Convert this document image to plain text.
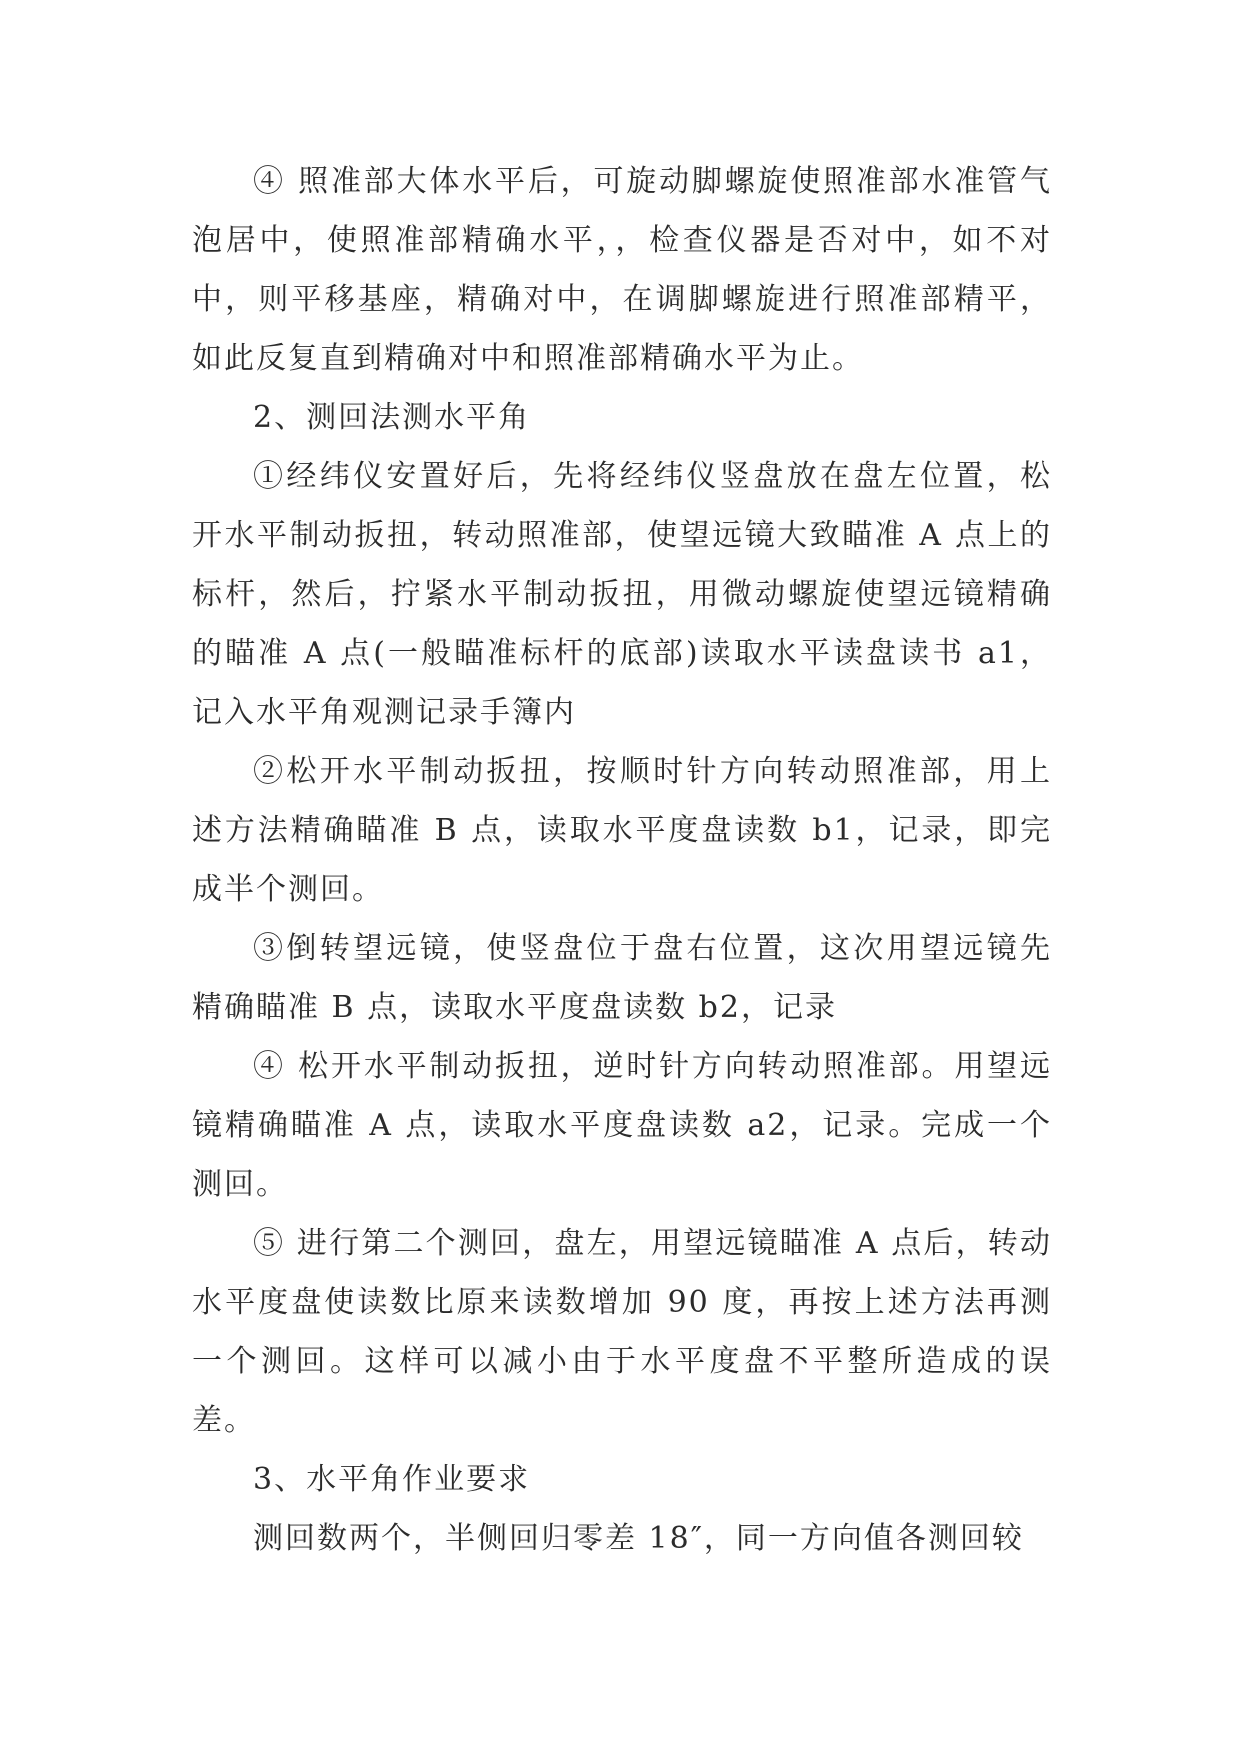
④ 照准部大体水平后，可旋动脚螺旋使照准部水准管气泡居中，使照准部精确水平，，检查仪器是否对中，如不对中，则平移基座，精确对中，在调脚螺旋进行照准部精平，如此反复直到精确对中和照准部精确水平为止。

2、测回法测水平角

①经纬仪安置好后，先将经纬仪竖盘放在盘左位置，松开水平制动扳扭，转动照准部，使望远镜大致瞄准 A 点上的标杆，然后，拧紧水平制动扳扭，用微动螺旋使望远镜精确的瞄准 A 点(一般瞄准标杆的底部)读取水平读盘读书 a1，记入水平角观测记录手簿内

②松开水平制动扳扭，按顺时针方向转动照准部，用上述方法精确瞄准 B 点，读取水平度盘读数 b1，记录，即完成半个测回。

③倒转望远镜，使竖盘位于盘右位置，这次用望远镜先精确瞄准 B 点，读取水平度盘读数 b2，记录

④ 松开水平制动扳扭，逆时针方向转动照准部。用望远镜精确瞄准 A 点，读取水平度盘读数 a2，记录。完成一个测回。

⑤ 进行第二个测回，盘左，用望远镜瞄准 A 点后，转动水平度盘使读数比原来读数增加 90 度，再按上述方法再测一个测回。这样可以减小由于水平度盘不平整所造成的误差。

3、水平角作业要求

测回数两个，半侧回归零差 18″，同一方向值各测回较
